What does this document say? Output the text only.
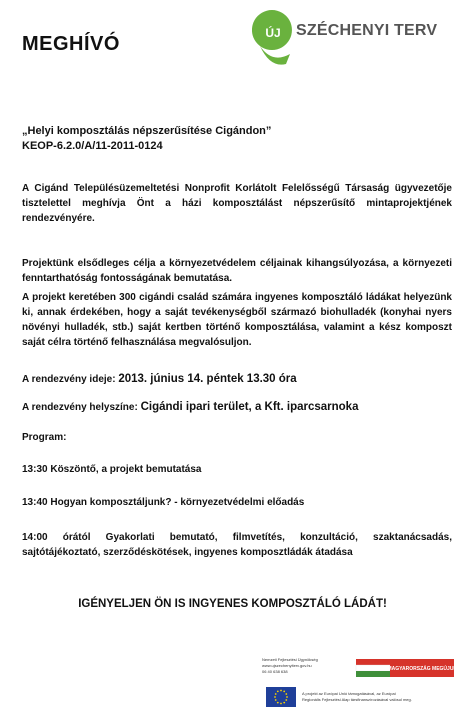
MEGHÍVÓ	ÚJ SZÉCHENYI TERV
„Helyi komposztálás népszerűsítése Cigándon”
KEOP-6.2.0/A/11-2011-0124
A Cigánd Településüzemeltetési Nonprofit Korlátolt Felelősségű Társaság ügyvezetője tisztelettel meghívja Önt a házi komposztálást népszerűsítő mintaprojektjének rendezvényére.
Projektünk elsődleges célja a környezetvédelem céljainak kihangsúlyozása, a környezeti fenntarthatóság fontosságának bemutatása.
A projekt keretében 300 cigándi család számára ingyenes komposztáló ládákat helyezünk ki, annak érdekében, hogy a saját tevékenységből származó biohulladék (konyhai nyers növényi hulladék, stb.) saját kertben történő komposztálása, valamint a kész komposzt saját célra történő felhasználása megvalósuljon.
A rendezvény ideje: 2013. június 14. péntek 13.30 óra
A rendezvény helyszíne: Cigándi ipari terület, a Kft. iparcsarnoka
Program:
13:30 Köszöntő, a projekt bemutatása
13:40 Hogyan komposztáljunk? - környezetvédelmi előadás
14:00 órától Gyakorlati bemutató, filmvetítés, konzultáció, szaktanácsadás, sajtótájékoztató, szerződéskötések, ingyenes komposztládák átadása
IGÉNYELJEN ÖN IS INGYENES KOMPOSZTÁLÓ LÁDÁT!
Nemzeti Fejlesztési Ügynökség
www.ujszechenyiterv.gov.hu
06 40 638 638	MAGYARORSZÁG MEGÚJUL
A projekt az Európai Unió támogatásával, az Európai
Regionális Fejlesztési Alap társfinanszírozásával valósul meg.
